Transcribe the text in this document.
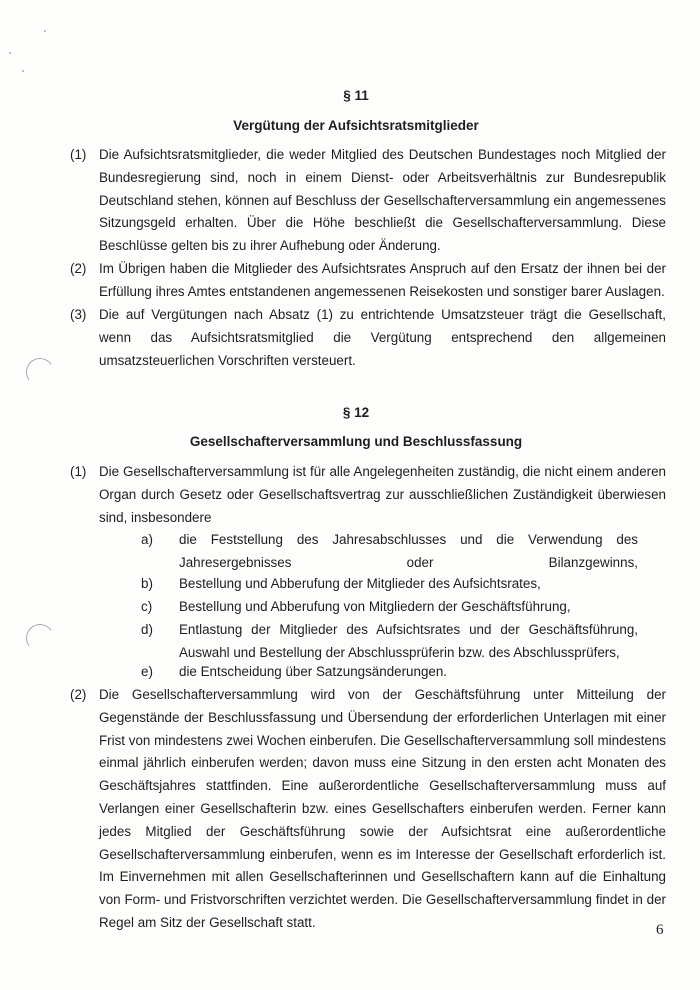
§ 11
Vergütung der Aufsichtsratsmitglieder
(1) Die Aufsichtsratsmitglieder, die weder Mitglied des Deutschen Bundestages noch Mitglied der Bundesregierung sind, noch in einem Dienst- oder Arbeitsverhältnis zur Bundesrepublik Deutschland stehen, können auf Beschluss der Gesellschafterversammlung ein angemessenes Sitzungsgeld erhalten. Über die Höhe beschließt die Gesellschafterversammlung. Diese Beschlüsse gelten bis zu ihrer Aufhebung oder Änderung.
(2) Im Übrigen haben die Mitglieder des Aufsichtsrates Anspruch auf den Ersatz der ihnen bei der Erfüllung ihres Amtes entstandenen angemessenen Reisekosten und sonstiger barer Auslagen.
(3) Die auf Vergütungen nach Absatz (1) zu entrichtende Umsatzsteuer trägt die Gesellschaft, wenn das Aufsichtsratsmitglied die Vergütung entsprechend den allgemeinen umsatzsteuerlichen Vorschriften versteuert.
§ 12
Gesellschafterversammlung und Beschlussfassung
(1) Die Gesellschafterversammlung ist für alle Angelegenheiten zuständig, die nicht einem anderen Organ durch Gesetz oder Gesellschaftsvertrag zur ausschließlichen Zuständigkeit überwiesen sind, insbesondere
a) die Feststellung des Jahresabschlusses und die Verwendung des Jahresergebnisses oder Bilanzgewinns,
b) Bestellung und Abberufung der Mitglieder des Aufsichtsrates,
c) Bestellung und Abberufung von Mitgliedern der Geschäftsführung,
d) Entlastung der Mitglieder des Aufsichtsrates und der Geschäftsführung, Auswahl und Bestellung der Abschlussprüferin bzw. des Abschlussprüfers,
e) die Entscheidung über Satzungsänderungen.
(2) Die Gesellschafterversammlung wird von der Geschäftsführung unter Mitteilung der Gegenstände der Beschlussfassung und Übersendung der erforderlichen Unterlagen mit einer Frist von mindestens zwei Wochen einberufen. Die Gesellschafterversammlung soll mindestens einmal jährlich einberufen werden; davon muss eine Sitzung in den ersten acht Monaten des Geschäftsjahres stattfinden. Eine außerordentliche Gesellschafterversammlung muss auf Verlangen einer Gesellschafterin bzw. eines Gesellschafters einberufen werden. Ferner kann jedes Mitglied der Geschäftsführung sowie der Aufsichtsrat eine außerordentliche Gesellschafterversammlung einberufen, wenn es im Interesse der Gesellschaft erforderlich ist. Im Einvernehmen mit allen Gesellschafterinnen und Gesellschaftern kann auf die Einhaltung von Form- und Fristvorschriften verzichtet werden. Die Gesellschafterversammlung findet in der Regel am Sitz der Gesellschaft statt.	6
